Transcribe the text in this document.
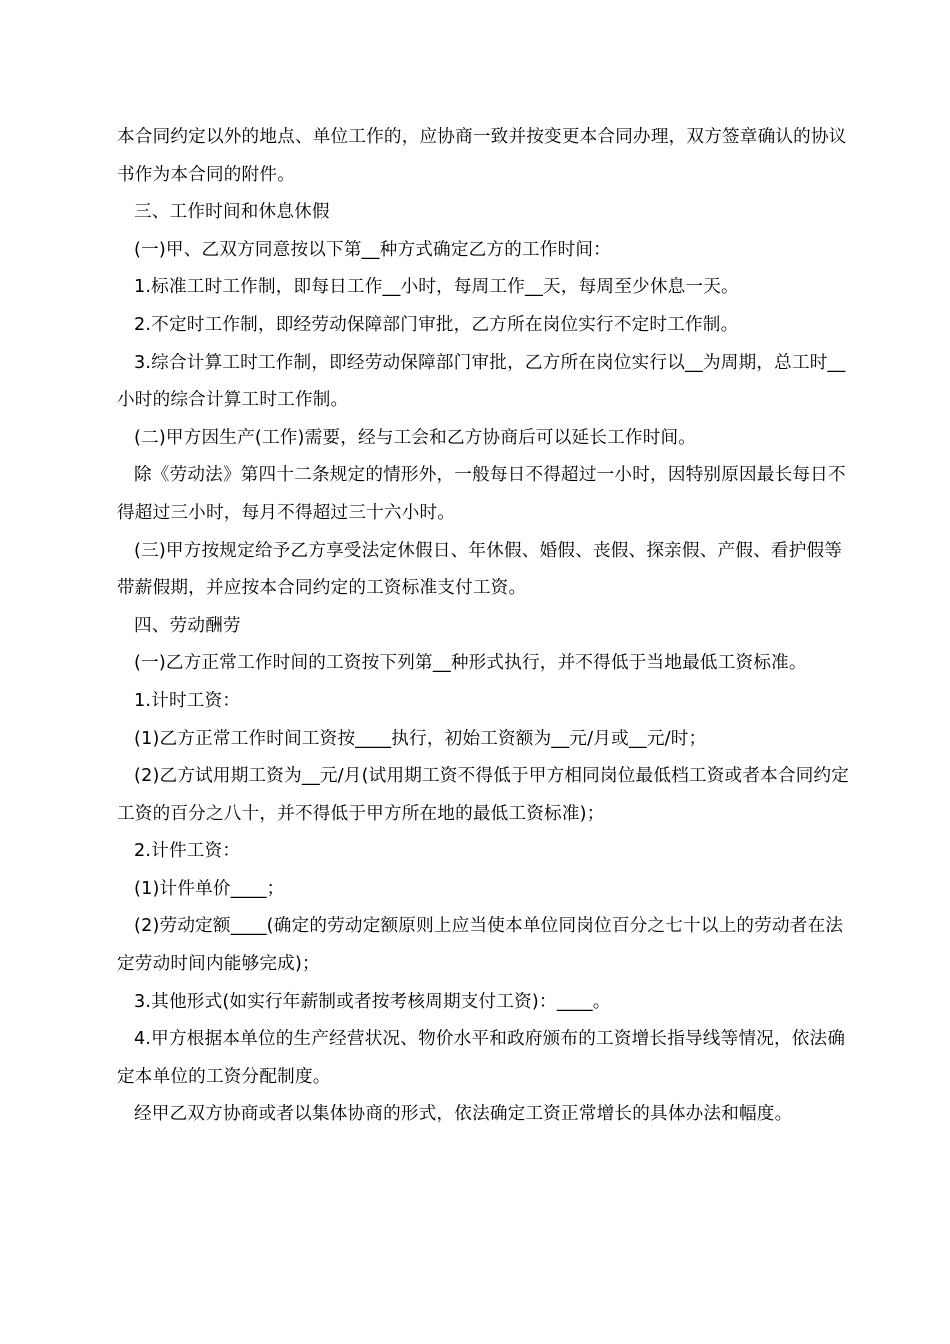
本合同约定以外的地点、单位工作的，应协商一致并按变更本合同办理，双方签章确认的协议书作为本合同的附件。

三、工作时间和休息休假

(一)甲、乙双方同意按以下第__种方式确定乙方的工作时间：

1.标准工时工作制，即每日工作__小时，每周工作__天，每周至少休息一天。

2.不定时工作制，即经劳动保障部门审批，乙方所在岗位实行不定时工作制。

3.综合计算工时工作制，即经劳动保障部门审批，乙方所在岗位实行以__为周期，总工时__小时的综合计算工时工作制。

(二)甲方因生产(工作)需要，经与工会和乙方协商后可以延长工作时间。

除《劳动法》第四十二条规定的情形外，一般每日不得超过一小时，因特别原因最长每日不得超过三小时，每月不得超过三十六小时。

(三)甲方按规定给予乙方享受法定休假日、年休假、婚假、丧假、探亲假、产假、看护假等带薪假期，并应按本合同约定的工资标准支付工资。

四、劳动酬劳

(一)乙方正常工作时间的工资按下列第__种形式执行，并不得低于当地最低工资标准。

1.计时工资：

(1)乙方正常工作时间工资按____执行，初始工资额为__元/月或__元/时；

(2)乙方试用期工资为__元/月(试用期工资不得低于甲方相同岗位最低档工资或者本合同约定工资的百分之八十，并不得低于甲方所在地的最低工资标准)；

2.计件工资：

(1)计件单价____；

(2)劳动定额____(确定的劳动定额原则上应当使本单位同岗位百分之七十以上的劳动者在法定劳动时间内能够完成)；

3.其他形式(如实行年薪制或者按考核周期支付工资)：____。

4.甲方根据本单位的生产经营状况、物价水平和政府颁布的工资增长指导线等情况，依法确定本单位的工资分配制度。

经甲乙双方协商或者以集体协商的形式，依法确定工资正常增长的具体办法和幅度。
